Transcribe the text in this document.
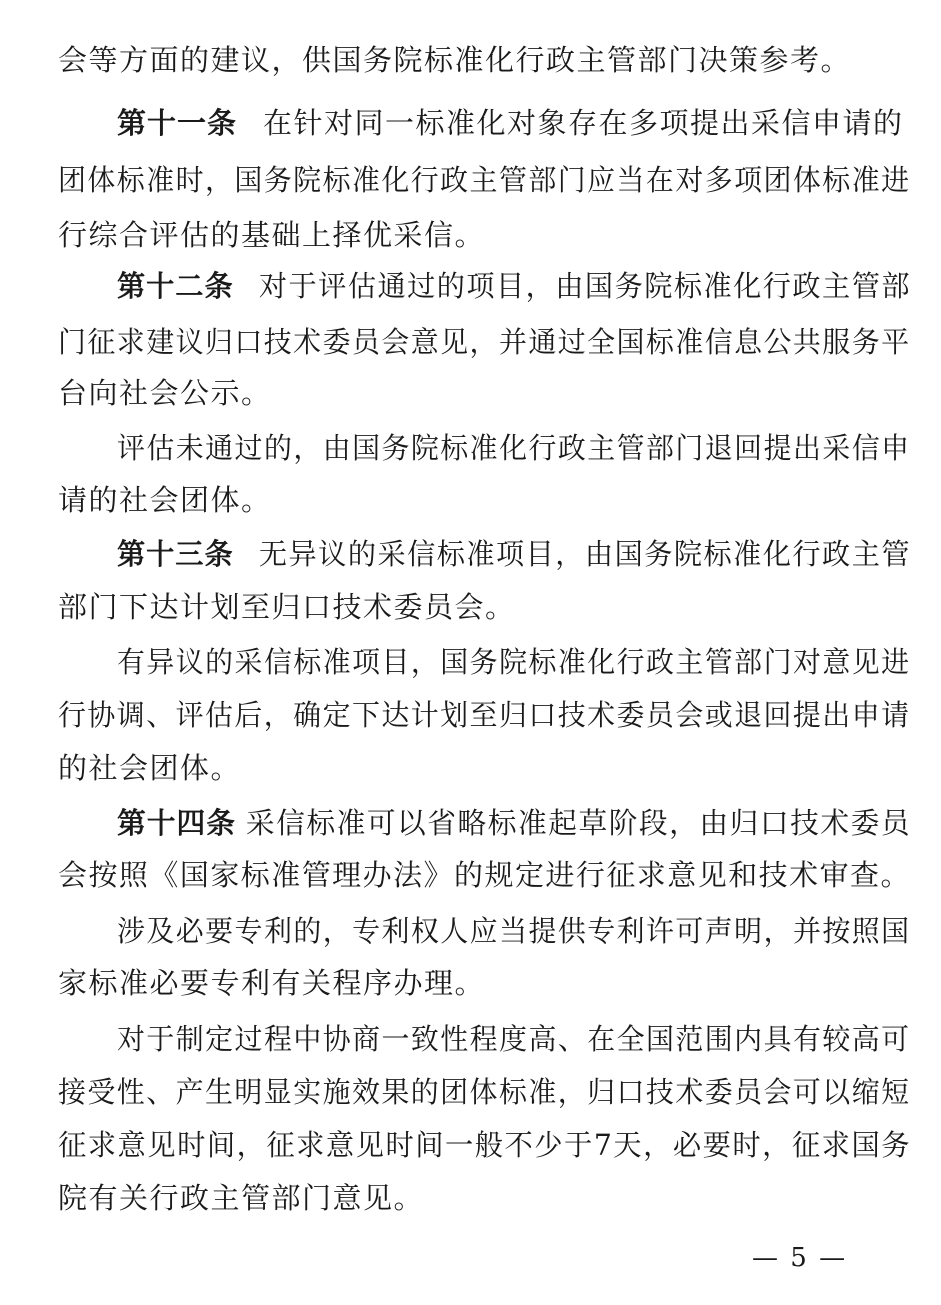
会等方面的建议，供国务院标准化行政主管部门决策参考。
第十一条 在针对同一标准化对象存在多项提出采信申请的
团体标准时，国务院标准化行政主管部门应当在对多项团体标准进
行综合评估的基础上择优采信。
第十二条 对于评估通过的项目，由国务院标准化行政主管部
门征求建议归口技术委员会意见，并通过全国标准信息公共服务平
台向社会公示。
评估未通过的，由国务院标准化行政主管部门退回提出采信申
请的社会团体。
第十三条 无异议的采信标准项目，由国务院标准化行政主管
部门下达计划至归口技术委员会。
有异议的采信标准项目，国务院标准化行政主管部门对意见进
行协调、评估后，确定下达计划至归口技术委员会或退回提出申请
的社会团体。
第十四条 采信标准可以省略标准起草阶段，由归口技术委员
会按照《国家标准管理办法》的规定进行征求意见和技术审查。
涉及必要专利的，专利权人应当提供专利许可声明，并按照国
家标准必要专利有关程序办理。
对于制定过程中协商一致性程度高、在全国范围内具有较高可
接受性、产生明显实施效果的团体标准，归口技术委员会可以缩短
征求意见时间，征求意见时间一般不少于7天，必要时，征求国务
院有关行政主管部门意见。
— 5 —
